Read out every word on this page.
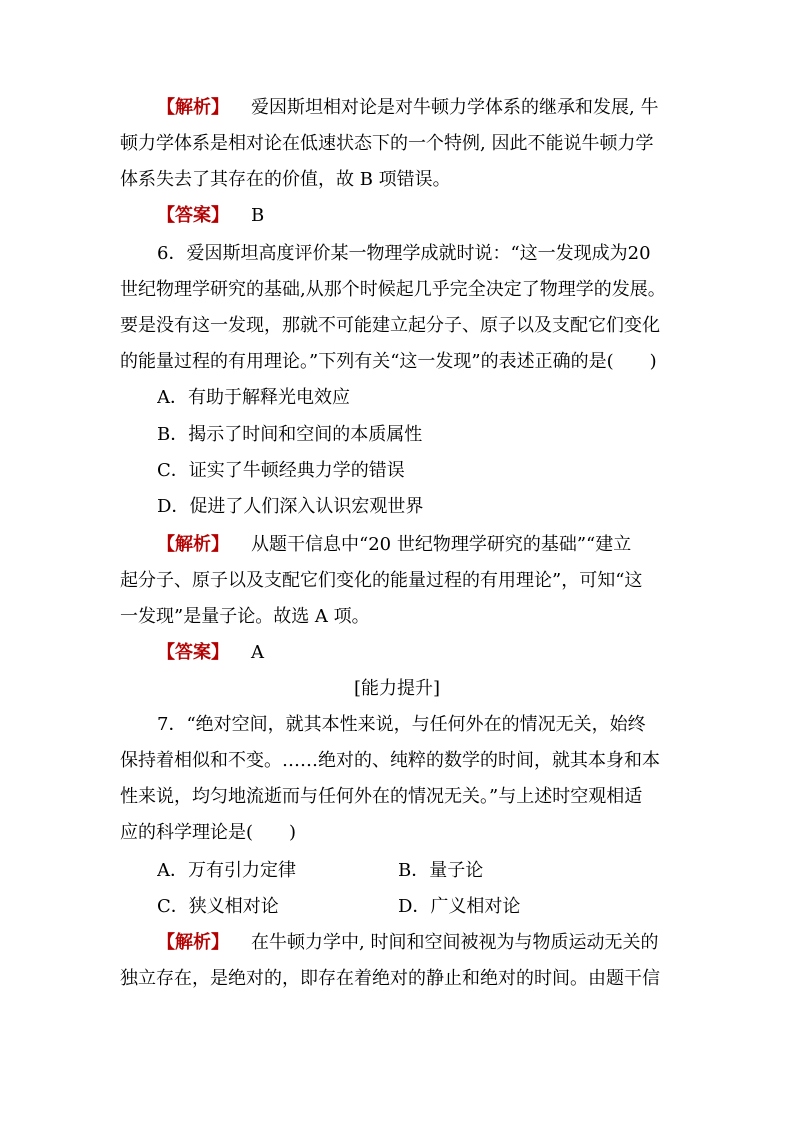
【解析】 爱因斯坦相对论是对牛顿力学体系的继承和发展, 牛
顿力学体系是相对论在低速状态下的一个特例, 因此不能说牛顿力学
体系失去了其存在的价值，故 B 项错误。
【答案】 B
6．爱因斯坦高度评价某一物理学成就时说：“这一发现成为20
世纪物理学研究的基础,从那个时候起几乎完全决定了物理学的发展。
要是没有这一发现，那就不可能建立起分子、原子以及支配它们变化
的能量过程的有用理论。”下列有关“这一发现”的表述正确的是(　　)
A．有助于解释光电效应
B．揭示了时间和空间的本质属性
C．证实了牛顿经典力学的错误
D．促进了人们深入认识宏观世界
【解析】 从题干信息中“20 世纪物理学研究的基础”“建立
起分子、原子以及支配它们变化的能量过程的有用理论”，可知“这
一发现”是量子论。故选 A 项。
【答案】 A
[能力提升]
7．“绝对空间，就其本性来说，与任何外在的情况无关，始终
保持着相似和不变。……绝对的、纯粹的数学的时间，就其本身和本
性来说，均匀地流逝而与任何外在的情况无关。”与上述时空观相适
应的科学理论是(　　)
A．万有引力定律	B．量子论
C．狭义相对论	D．广义相对论
【解析】 在牛顿力学中, 时间和空间被视为与物质运动无关的
独立存在，是绝对的，即存在着绝对的静止和绝对的时间。由题干信
